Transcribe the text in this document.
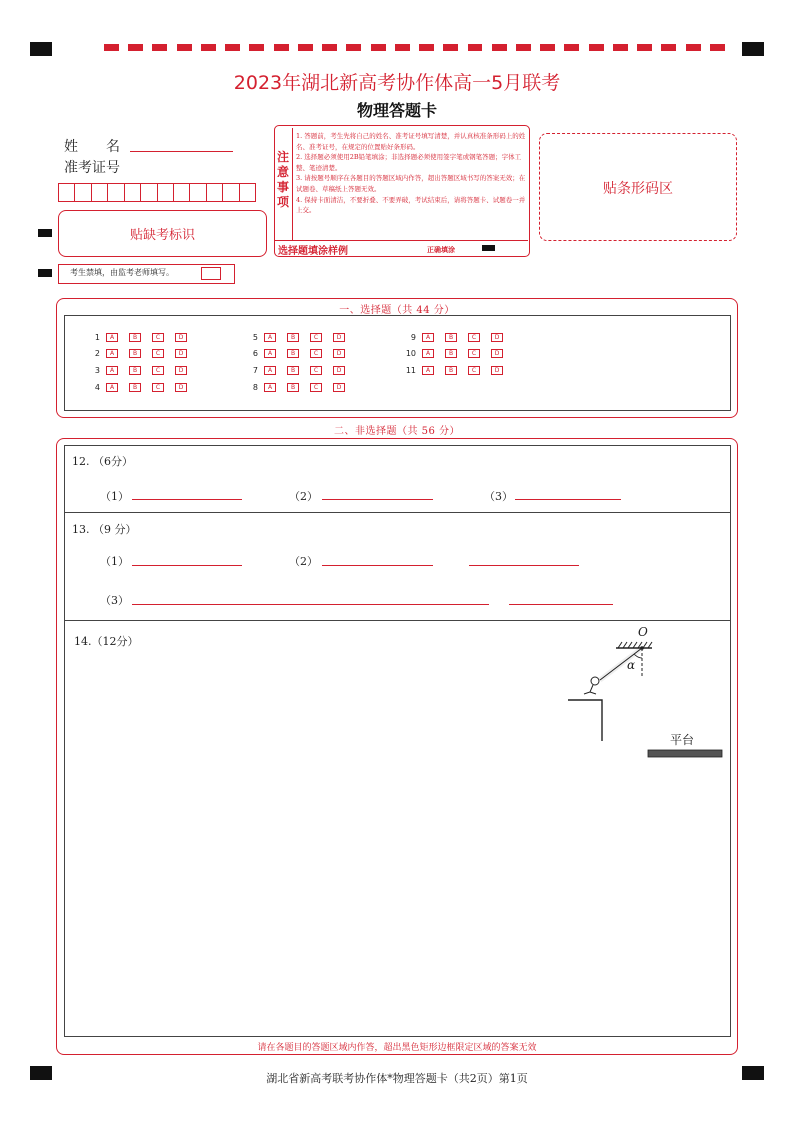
2023年湖北新高考协作体高一5月联考
物理答题卡
姓　　名
准考证号
贴缺考标识
考生禁填，由监考老师填写。
注
意
事
项

1. 答题前，考生先将自己的姓名、准考证号填写清楚，并认真核准条形码上的姓名、准考证号，在规定的位置贴好条形码。

2. 选择题必须使用2B铅笔填涂；非选择题必须使用签字笔或钢笔答题；字体工整、笔迹清楚。

3. 请按题号顺序在各题目的答题区域内作答，超出答题区域书写的答案无效；在试题卷、草稿纸上答题无效。

4. 保持卡面清洁，不要折叠、不要弄破，考试结束后，请将答题卡、试题卷一并上交。

选择题填涂样例	正确填涂
贴条形码区
一、选择题（共 44 分）
1	A	B	C	D
2	A	B	C	D
3	A	B	C	D
4	A	B	C	D
5	A	B	C	D
6	A	B	C	D
7	A	B	C	D
8	A	B	C	D
9	A	B	C	D
10	A	B	C	D
11	A	B	C	D
二、非选择题（共 56 分）
12. （6分）
（1）	（2）	（3）
13. （9 分）
（1）	（2）
（3）
14.（12分）
O
α
平台
请在各题目的答题区域内作答，超出黑色矩形边框限定区域的答案无效
湖北省新高考联考协作体*物理答题卡（共2页）第1页
